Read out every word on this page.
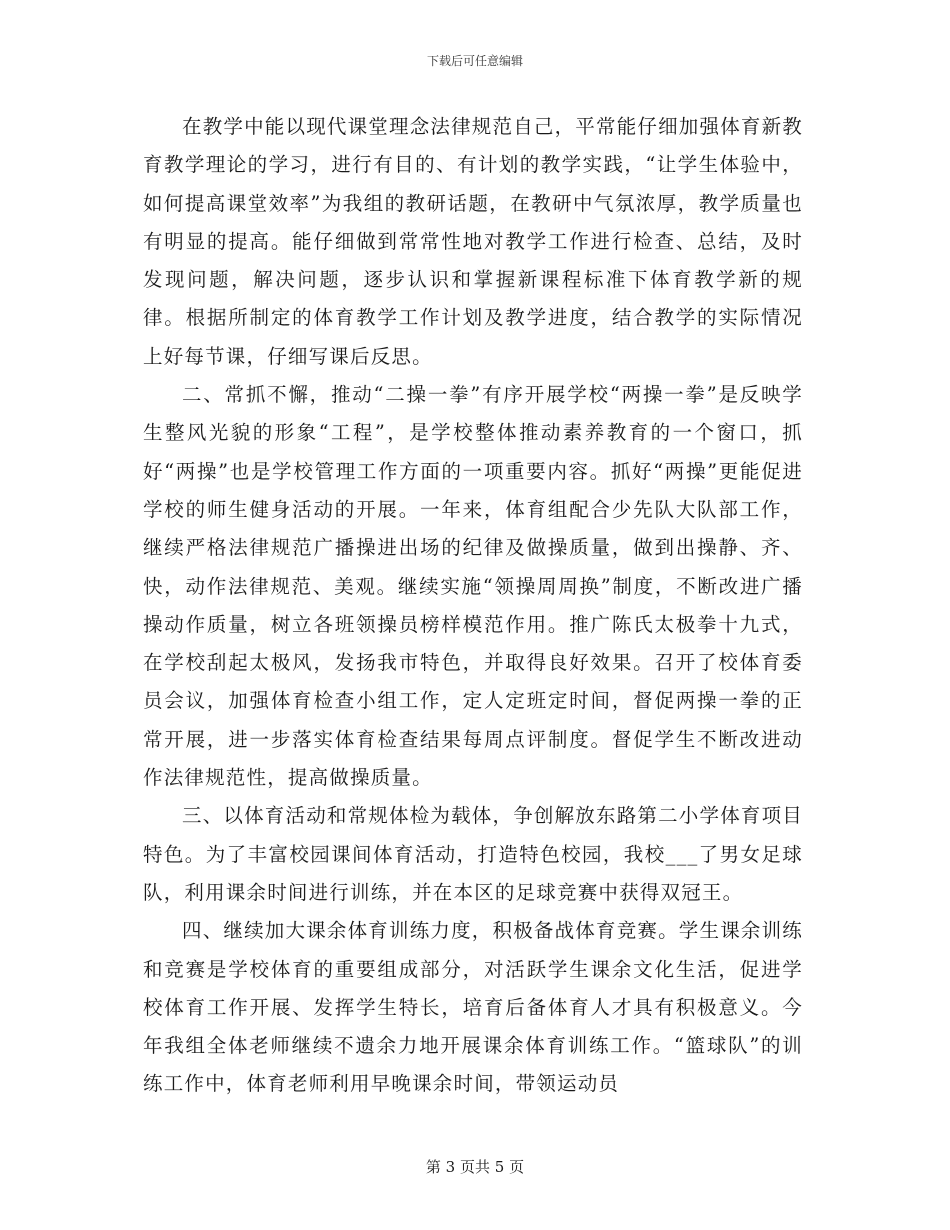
下载后可任意编辑

在教学中能以现代课堂理念法律规范自己，平常能仔细加强体育新教育教学理论的学习，进行有目的、有计划的教学实践，“让学生体验中，如何提高课堂效率”为我组的教研话题，在教研中气氛浓厚，教学质量也有明显的提高。能仔细做到常常性地对教学工作进行检查、总结，及时发现问题，解决问题，逐步认识和掌握新课程标准下体育教学新的规律。根据所制定的体育教学工作计划及教学进度，结合教学的实际情况上好每节课，仔细写课后反思。

二、常抓不懈，推动“二操一拳”有序开展学校“两操一拳”是反映学生整风光貌的形象“工程”，是学校整体推动素养教育的一个窗口，抓好“两操”也是学校管理工作方面的一项重要内容。抓好“两操”更能促进学校的师生健身活动的开展。一年来，体育组配合少先队大队部工作，继续严格法律规范广播操进出场的纪律及做操质量，做到出操静、齐、快，动作法律规范、美观。继续实施“领操周周换”制度，不断改进广播操动作质量，树立各班领操员榜样模范作用。推广陈氏太极拳十九式，在学校刮起太极风，发扬我市特色，并取得良好效果。召开了校体育委员会议，加强体育检查小组工作，定人定班定时间，督促两操一拳的正常开展，进一步落实体育检查结果每周点评制度。督促学生不断改进动作法律规范性，提高做操质量。

三、以体育活动和常规体检为载体，争创解放东路第二小学体育项目特色。为了丰富校园课间体育活动，打造特色校园，我校___了男女足球队，利用课余时间进行训练，并在本区的足球竞赛中获得双冠王。

四、继续加大课余体育训练力度，积极备战体育竞赛。学生课余训练和竞赛是学校体育的重要组成部分，对活跃学生课余文化生活，促进学校体育工作开展、发挥学生特长，培育后备体育人才具有积极意义。今年我组全体老师继续不遗余力地开展课余体育训练工作。“篮球队”的训练工作中，体育老师利用早晚课余时间，带领运动员

第 3 页共 5 页
